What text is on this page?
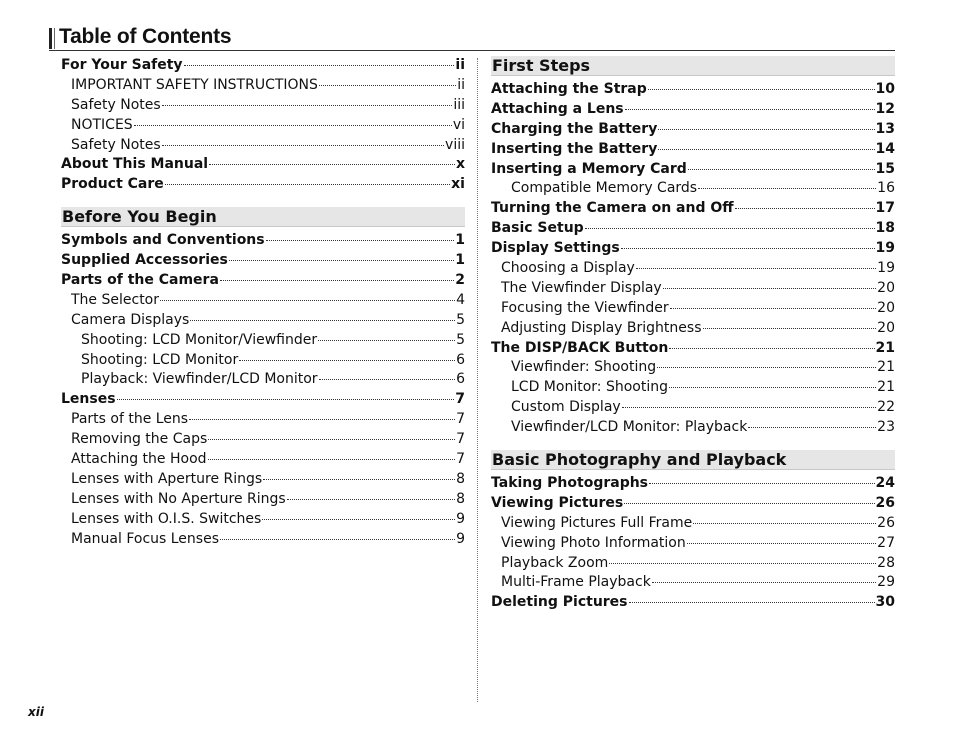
Table of Contents
For Your Safety	ii
IMPORTANT SAFETY INSTRUCTIONS	ii
Safety Notes	iii
NOTICES	vi
Safety Notes	viii
About This Manual	x
Product Care	xi
Before You Begin
Symbols and Conventions	1
Supplied Accessories	1
Parts of the Camera	2
The Selector	4
Camera Displays	5
Shooting: LCD Monitor/Viewfinder	5
Shooting: LCD Monitor	6
Playback: Viewfinder/LCD Monitor	6
Lenses	7
Parts of the Lens	7
Removing the Caps	7
Attaching the Hood	7
Lenses with Aperture Rings	8
Lenses with No Aperture Rings	8
Lenses with O.I.S. Switches	9
Manual Focus Lenses	9
First Steps
Attaching the Strap	10
Attaching a Lens	12
Charging the Battery	13
Inserting the Battery	14
Inserting a Memory Card	15
Compatible Memory Cards	16
Turning the Camera on and Off	17
Basic Setup	18
Display Settings	19
Choosing a Display	19
The Viewfinder Display	20
Focusing the Viewfinder	20
Adjusting Display Brightness	20
The DISP/BACK Button	21
Viewfinder: Shooting	21
LCD Monitor: Shooting	21
Custom Display	22
Viewfinder/LCD Monitor: Playback	23
Basic Photography and Playback
Taking Photographs	24
Viewing Pictures	26
Viewing Pictures Full Frame	26
Viewing Photo Information	27
Playback Zoom	28
Multi-Frame Playback	29
Deleting Pictures	30
xii
